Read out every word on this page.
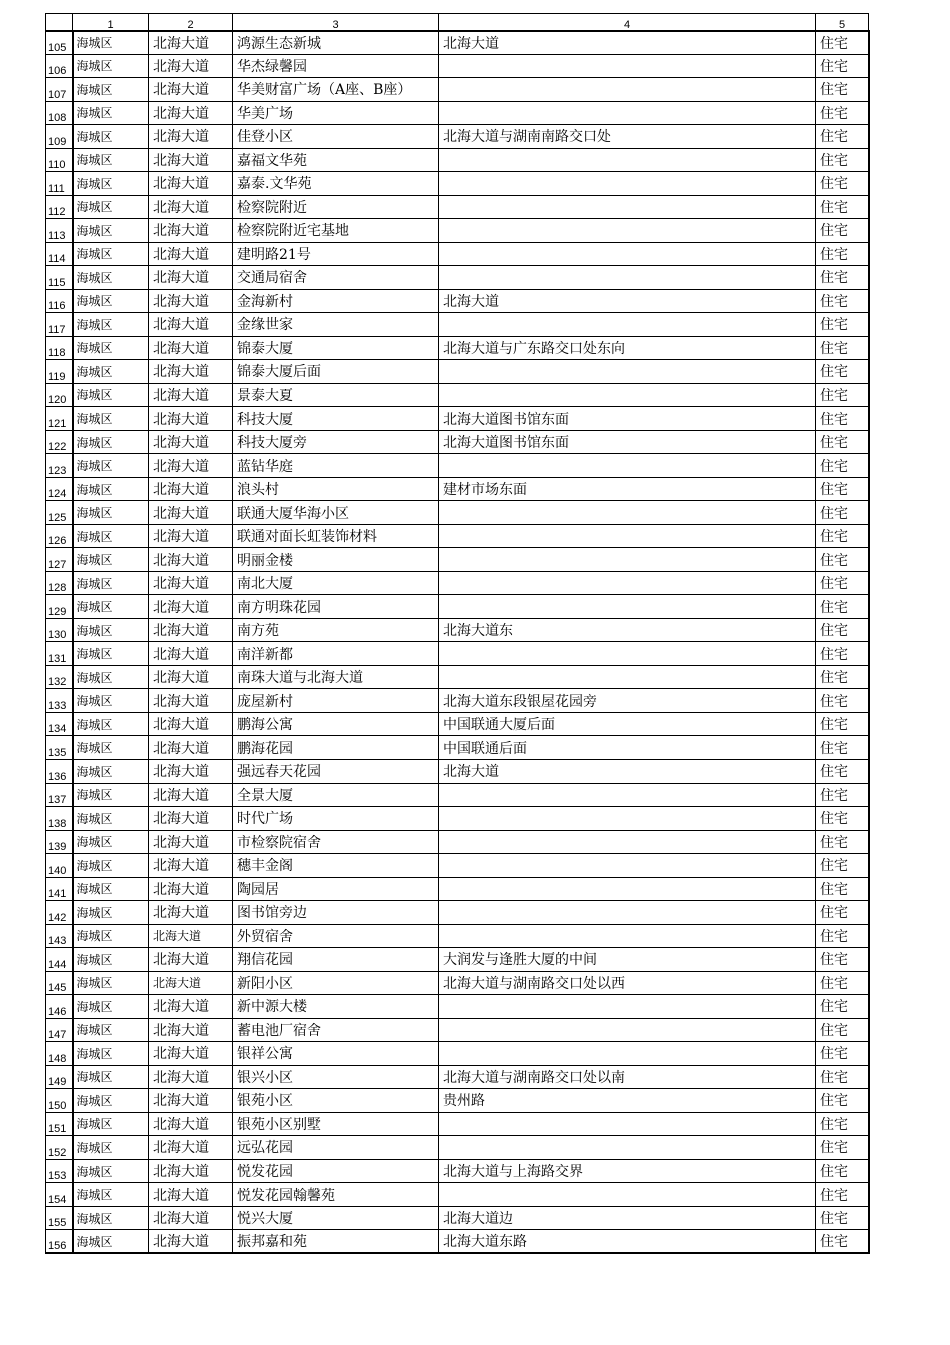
	1	2	3	4	5
105	海城区	北海大道	鸿源生态新城	北海大道	住宅
106	海城区	北海大道	华杰绿馨园		住宅
107	海城区	北海大道	华美财富广场（A座、B座）		住宅
108	海城区	北海大道	华美广场		住宅
109	海城区	北海大道	佳登小区	北海大道与湖南南路交口处	住宅
110	海城区	北海大道	嘉福文华苑		住宅
111	海城区	北海大道	嘉泰.文华苑		住宅
112	海城区	北海大道	检察院附近		住宅
113	海城区	北海大道	检察院附近宅基地		住宅
114	海城区	北海大道	建明路21号		住宅
115	海城区	北海大道	交通局宿舍		住宅
116	海城区	北海大道	金海新村	北海大道	住宅
117	海城区	北海大道	金缘世家		住宅
118	海城区	北海大道	锦泰大厦	北海大道与广东路交口处东向	住宅
119	海城区	北海大道	锦泰大厦后面		住宅
120	海城区	北海大道	景泰大夏		住宅
121	海城区	北海大道	科技大厦	北海大道图书馆东面	住宅
122	海城区	北海大道	科技大厦旁	北海大道图书馆东面	住宅
123	海城区	北海大道	蓝钻华庭		住宅
124	海城区	北海大道	浪头村	建材市场东面	住宅
125	海城区	北海大道	联通大厦华海小区		住宅
126	海城区	北海大道	联通对面长虹装饰材料		住宅
127	海城区	北海大道	明丽金楼		住宅
128	海城区	北海大道	南北大厦		住宅
129	海城区	北海大道	南方明珠花园		住宅
130	海城区	北海大道	南方苑	北海大道东	住宅
131	海城区	北海大道	南洋新都		住宅
132	海城区	北海大道	南珠大道与北海大道		住宅
133	海城区	北海大道	庞屋新村	北海大道东段银屋花园旁	住宅
134	海城区	北海大道	鹏海公寓	中国联通大厦后面	住宅
135	海城区	北海大道	鹏海花园	中国联通后面	住宅
136	海城区	北海大道	强远春天花园	北海大道	住宅
137	海城区	北海大道	全景大厦		住宅
138	海城区	北海大道	时代广场		住宅
139	海城区	北海大道	市检察院宿舍		住宅
140	海城区	北海大道	穗丰金阁		住宅
141	海城区	北海大道	陶园居		住宅
142	海城区	北海大道	图书馆旁边		住宅
143	海城区	北海大道	外贸宿舍		住宅
144	海城区	北海大道	翔信花园	大润发与逢胜大厦的中间	住宅
145	海城区	北海大道	新阳小区	北海大道与湖南路交口处以西	住宅
146	海城区	北海大道	新中源大楼		住宅
147	海城区	北海大道	蓄电池厂宿舍		住宅
148	海城区	北海大道	银祥公寓		住宅
149	海城区	北海大道	银兴小区	北海大道与湖南路交口处以南	住宅
150	海城区	北海大道	银苑小区	贵州路	住宅
151	海城区	北海大道	银苑小区别墅		住宅
152	海城区	北海大道	远弘花园		住宅
153	海城区	北海大道	悦发花园	北海大道与上海路交界	住宅
154	海城区	北海大道	悦发花园翰馨苑		住宅
155	海城区	北海大道	悦兴大厦	北海大道边	住宅
156	海城区	北海大道	振邦嘉和苑	北海大道东路	住宅
